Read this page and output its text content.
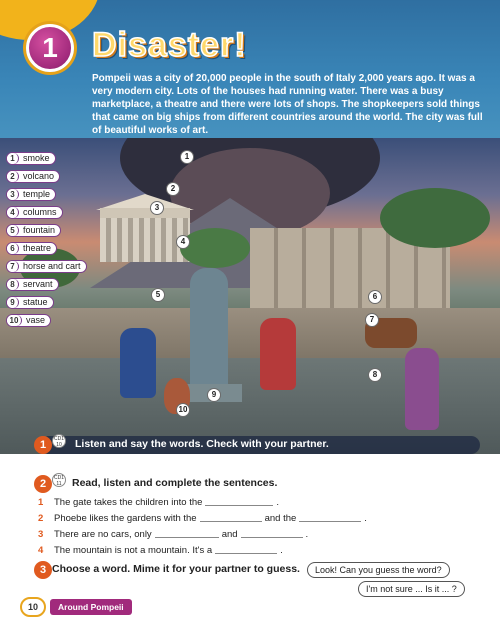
1	Disaster!
Pompeii was a city of 20,000 people in the south of Italy 2,000 years ago. It was a very modern city. Lots of the houses had running water. There was a busy marketplace, a theatre and there were lots of shops. The shopkeepers sold things that came on big ships from different countries around the world. The city was full of beautiful works of art.
1
2
3
4
5	6
7
8
9
10
1 smoke
2 volcano
3 temple
4 columns
5 fountain
6 theatre
7 horse and cart
8 servant
9 statue
10 vase
1	CD1 10	Listen and say the words. Check with your partner.
2	CD1 11 Read, listen and complete the sentences.
1 The gate takes the children into the	.
2 Phoebe likes the gardens with the	and the	.
3 There are no cars, only	and	.
4 The mountain is not a mountain. It's a	.
3 Choose a word. Mime it for your partner to guess.	Look! Can you guess the word?
I'm not sure ... Is it ... ?
10	Around Pompeii
